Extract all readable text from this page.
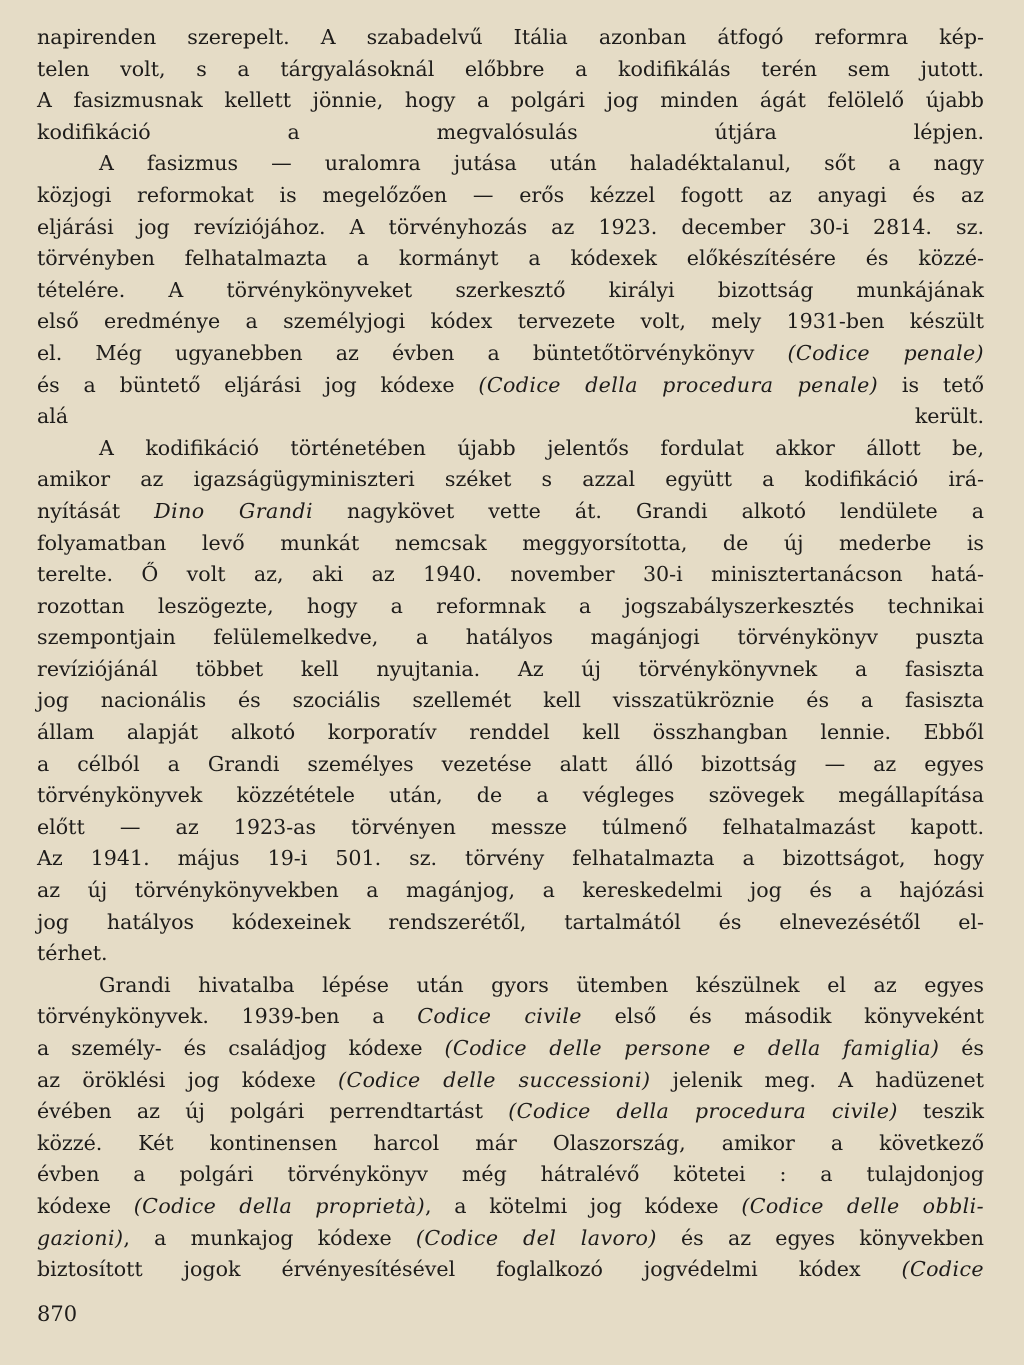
napirenden szerepelt. A szabadelvű Itália azonban átfogó reformra kép-
telen volt, s a tárgyalásoknál előbbre a kodifikálás terén sem jutott.
A fasizmusnak kellett jönnie, hogy a polgári jog minden ágát felölelő újabb
kodifikáció a megvalósulás útjára lépjen.

A fasizmus — uralomra jutása után haladéktalanul, sőt a nagy
közjogi reformokat is megelőzően — erős kézzel fogott az anyagi és az
eljárási jog revíziójához. A törvényhozás az 1923. december 30-i 2814. sz.
törvényben felhatalmazta a kormányt a kódexek előkészítésére és közzé-
tételére. A törvénykönyveket szerkesztő királyi bizottság munkájának
első eredménye a személyjogi kódex tervezete volt, mely 1931-ben készült
el. Még ugyanebben az évben a büntetőtörvénykönyv (Codice penale)
és a büntető eljárási jog kódexe (Codice della procedura penale) is tető
alá került.

A kodifikáció történetében újabb jelentős fordulat akkor állott be,
amikor az igazságügyminiszteri széket s azzal együtt a kodifikáció irá-
nyítását Dino Grandi nagykövet vette át. Grandi alkotó lendülete a
folyamatban levő munkát nemcsak meggyorsította, de új mederbe is
terelte. Ő volt az, aki az 1940. november 30-i minisztertanácson hatá-
rozottan leszögezte, hogy a reformnak a jogszabályszerkesztés technikai
szempontjain felülemelkedve, a hatályos magánjogi törvénykönyv puszta
revíziójánál többet kell nyujtania. Az új törvénykönyvnek a fasiszta
jog nacionális és szociális szellemét kell visszatükröznie és a fasiszta
állam alapját alkotó korporatív renddel kell összhangban lennie. Ebből
a célból a Grandi személyes vezetése alatt álló bizottság — az egyes
törvénykönyvek közzététele után, de a végleges szövegek megállapítása
előtt — az 1923-as törvényen messze túlmenő felhatalmazást kapott.
Az 1941. május 19-i 501. sz. törvény felhatalmazta a bizottságot, hogy
az új törvénykönyvekben a magánjog, a kereskedelmi jog és a hajózási
jog hatályos kódexeinek rendszerétől, tartalmától és elnevezésétől el-
térhet.

Grandi hivatalba lépése után gyors ütemben készülnek el az egyes
törvénykönyvek. 1939-ben a Codice civile első és második könyveként
a személy- és családjog kódexe (Codice delle persone e della famiglia) és
az öröklési jog kódexe (Codice delle successioni) jelenik meg. A hadüzenet
évében az új polgári perrendtartást (Codice della procedura civile) teszik
közzé. Két kontinensen harcol már Olaszország, amikor a következő
évben a polgári törvénykönyv még hátralévő kötetei : a tulajdonjog
kódexe (Codice della proprietà), a kötelmi jog kódexe (Codice delle obbli-
gazioni), a munkajog kódexe (Codice del lavoro) és az egyes könyvekben
biztosított jogok érvényesítésével foglalkozó jogvédelmi kódex (Codice

870
